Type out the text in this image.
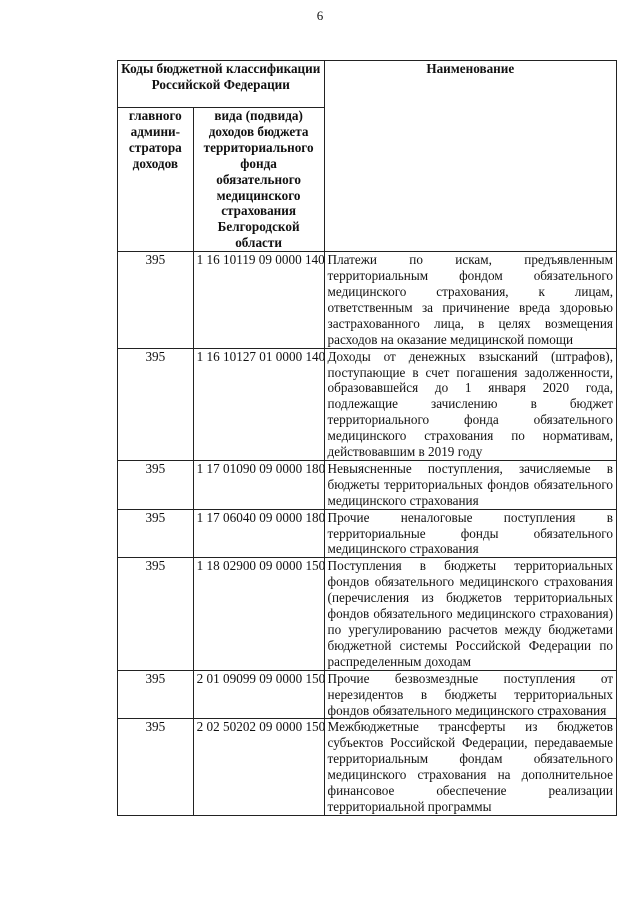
6
Коды бюджетной классификации Российской Федерации		Наименование
главного админи-стратора доходов	вида (подвида) доходов бюджета территориального фонда обязательного медицинского страхования Белгородской области	
395	1 16 10119 09 0000 140	Платежи по искам, предъявленным территориальным фондом обязательного медицинского страхования, к лицам, ответственным за причинение вреда здоровью застрахованного лица, в целях возмещения расходов на оказание медицинской помощи
395	1 16 10127 01 0000 140	Доходы от денежных взысканий (штрафов), поступающие в счет погашения задолженности, образовавшейся до 1 января 2020 года, подлежащие зачислению в бюджет территориального фонда обязательного медицинского страхования по нормативам, действовавшим в 2019 году
395	1 17 01090 09 0000 180	Невыясненные поступления, зачисляемые в бюджеты территориальных фондов обязательного медицинского страхования
395	1 17 06040 09 0000 180	Прочие неналоговые поступления в территориальные фонды обязательного медицинского страхования
395	1 18 02900 09 0000 150	Поступления в бюджеты территориальных фондов обязательного медицинского страхования (перечисления из бюджетов территориальных фондов обязательного медицинского страхования) по урегулированию расчетов между бюджетами бюджетной системы Российской Федерации по распределенным доходам
395	2 01 09099 09 0000 150	Прочие безвозмездные поступления от нерезидентов в бюджеты территориальных фондов обязательного медицинского страхования
395	2 02 50202 09 0000 150	Межбюджетные трансферты из бюджетов субъектов Российской Федерации, передаваемые территориальным фондам обязательного медицинского страхования на дополнительное финансовое обеспечение реализации территориальной программы
